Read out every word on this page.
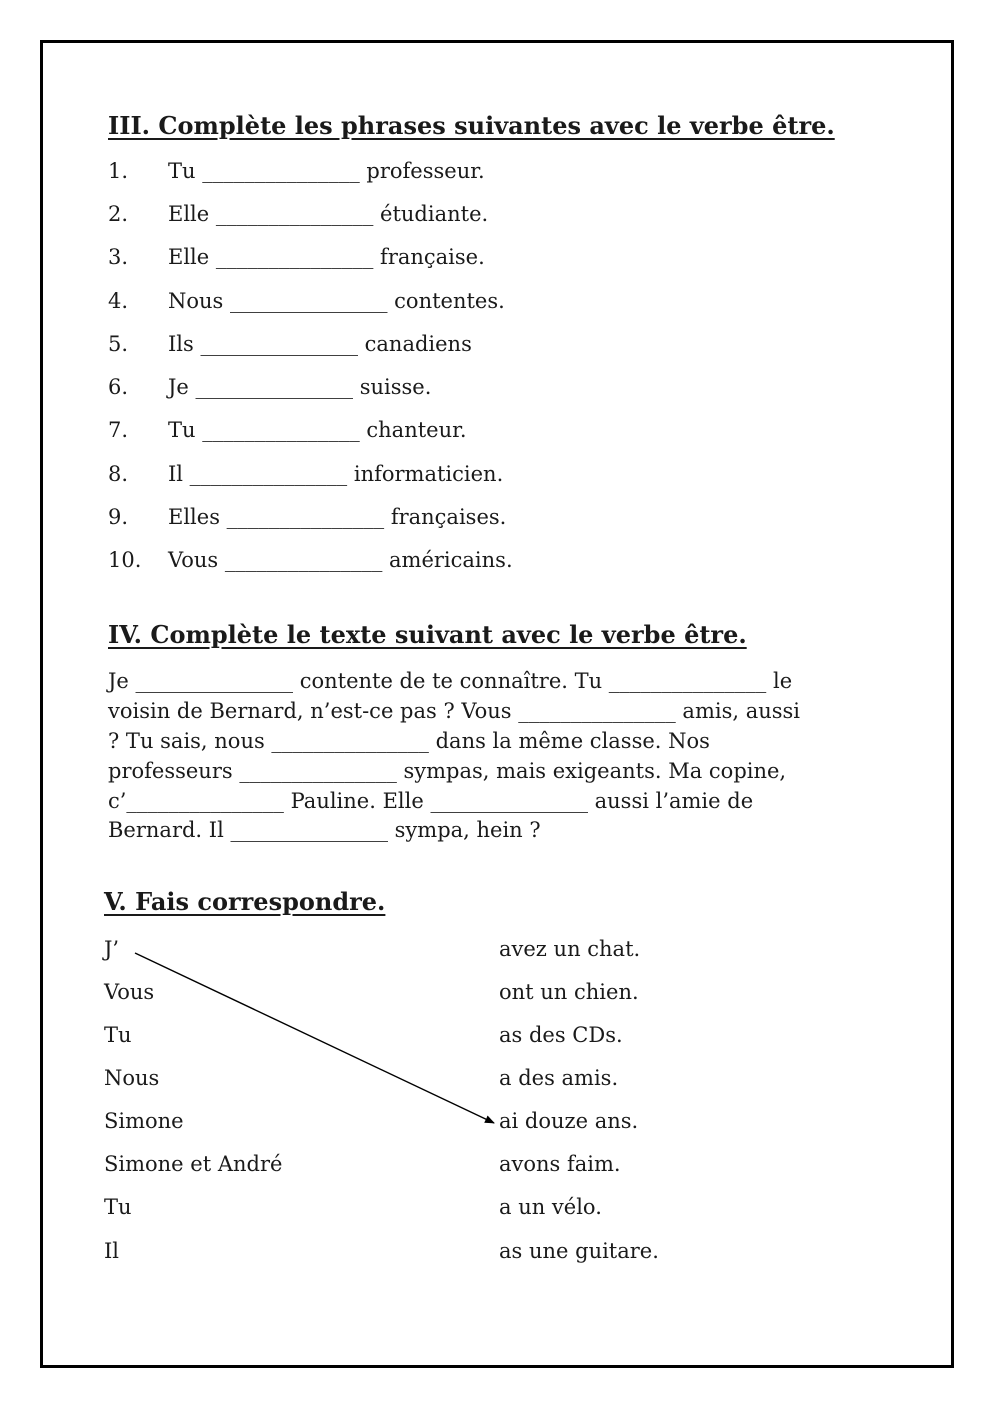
III. Complète les phrases suivantes avec le verbe être.
1. Tu _______________ professeur.
2. Elle _______________ étudiante.
3. Elle _______________ française.
4. Nous _______________ contentes.
5. Ils _______________ canadiens
6. Je _______________ suisse.
7. Tu _______________ chanteur.
8. Il _______________ informaticien.
9. Elles _______________ françaises.
10. Vous _______________ américains.
IV. Complète le texte suivant avec le verbe être.
Je _______________ contente de te connaître. Tu _______________ le
voisin de Bernard, n’est-ce pas ? Vous _______________ amis, aussi
? Tu sais, nous _______________ dans la même classe. Nos
professeurs _______________ sympas, mais exigeants. Ma copine,
c’_______________ Pauline. Elle _______________ aussi l’amie de
Bernard. Il _______________ sympa, hein ?
V. Fais correspondre.
J’
Vous
Tu
Nous
Simone
Simone et André
Tu
Il
avez un chat.
ont un chien.
as des CDs.
a des amis.
ai douze ans.
avons faim.
a un vélo.
as une guitare.
